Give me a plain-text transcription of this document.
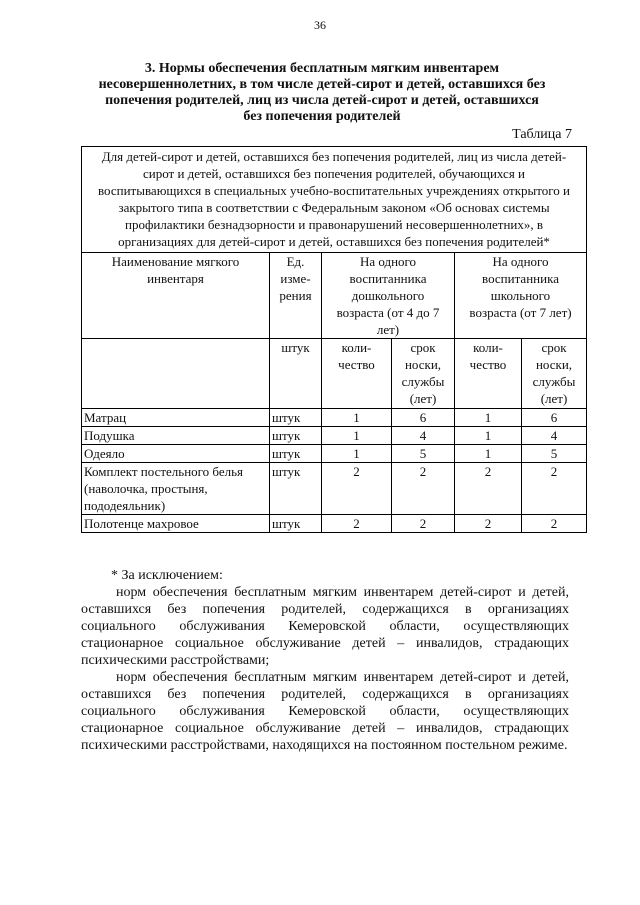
36
3. Нормы обеспечения бесплатным мягким инвентарем
несовершеннолетних, в том числе детей-сирот и детей, оставшихся без
попечения родителей, лиц из числа детей-сирот и детей, оставшихся
без попечения родителей
Таблица 7
Для детей-сирот и детей, оставшихся без попечения родителей, лиц из числа детей-сирот и детей, оставшихся без попечения родителей, обучающихся и воспитывающихся в специальных учебно-воспитательных учреждениях открытого и закрытого типа в соответствии с Федеральным законом «Об основах системы профилактики безнадзорности и правонарушений несовершеннолетних», в организациях для детей-сирот и детей, оставшихся без попечения родителей*					
Наименование мягкого инвентаря	Ед. изме-рения	На одного воспитанника дошкольного возраста (от 4 до 7 лет)		На одного воспитанника школьного возраста (от 7 лет)	
	штук	коли-чество	срок носки, службы (лет)	коли-чество	срок носки, службы (лет)
Матрац	штук	1	6	1	6
Подушка	штук	1	4	1	4
Одеяло	штук	1	5	1	5
Комплект постельного белья (наволочка, простыня, пододеяльник)	штук	2	2	2	2
Полотенце махровое	штук	2	2	2	2

* За исключением:

норм обеспечения бесплатным мягким инвентарем детей-сирот и детей, оставшихся без попечения родителей, содержащихся в организациях социального обслуживания Кемеровской области, осуществляющих стационарное социальное обслуживание детей – инвалидов, страдающих психическими расстройствами;

норм обеспечения бесплатным мягким инвентарем детей-сирот и детей, оставшихся без попечения родителей, содержащихся в организациях социального обслуживания Кемеровской области, осуществляющих стационарное социальное обслуживание детей – инвалидов, страдающих психическими расстройствами, находящихся на постоянном постельном режиме.
